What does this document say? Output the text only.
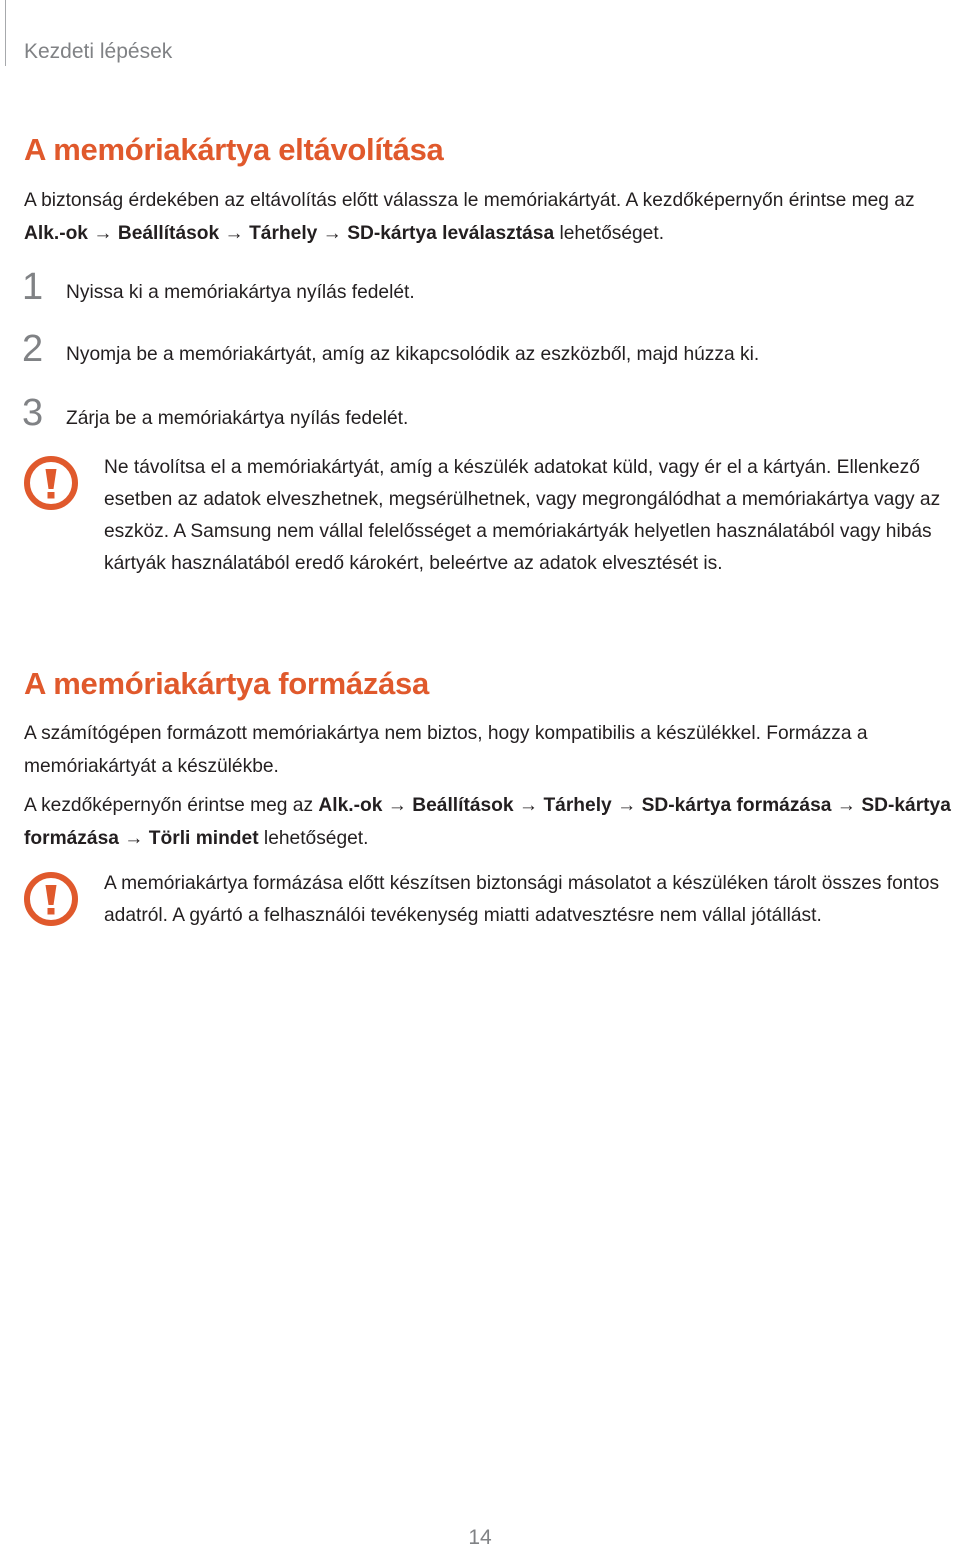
Kezdeti lépések
A memóriakártya eltávolítása
A biztonság érdekében az eltávolítás előtt válassza le memóriakártyát. A kezdőképernyőn érintse meg az Alk.-ok → Beállítások → Tárhely → SD-kártya leválasztása lehetőséget.
1 Nyissa ki a memóriakártya nyílás fedelét.
2 Nyomja be a memóriakártyát, amíg az kikapcsolódik az eszközből, majd húzza ki.
3 Zárja be a memóriakártya nyílás fedelét.
Ne távolítsa el a memóriakártyát, amíg a készülék adatokat küld, vagy ér el a kártyán. Ellenkező esetben az adatok elveszhetnek, megsérülhetnek, vagy megrongálódhat a memóriakártya vagy az eszköz. A Samsung nem vállal felelősséget a memóriakártyák helyetlen használatából vagy hibás kártyák használatából eredő károkért, beleértve az adatok elvesztését is.
A memóriakártya formázása
A számítógépen formázott memóriakártya nem biztos, hogy kompatibilis a készülékkel. Formázza a memóriakártyát a készülékbe.
A kezdőképernyőn érintse meg az Alk.-ok → Beállítások → Tárhely → SD-kártya formázása → SD-kártya formázása → Törli mindet lehetőséget.
A memóriakártya formázása előtt készítsen biztonsági másolatot a készüléken tárolt összes fontos adatról. A gyártó a felhasználói tevékenység miatti adatvesztésre nem vállal jótállást.
14
